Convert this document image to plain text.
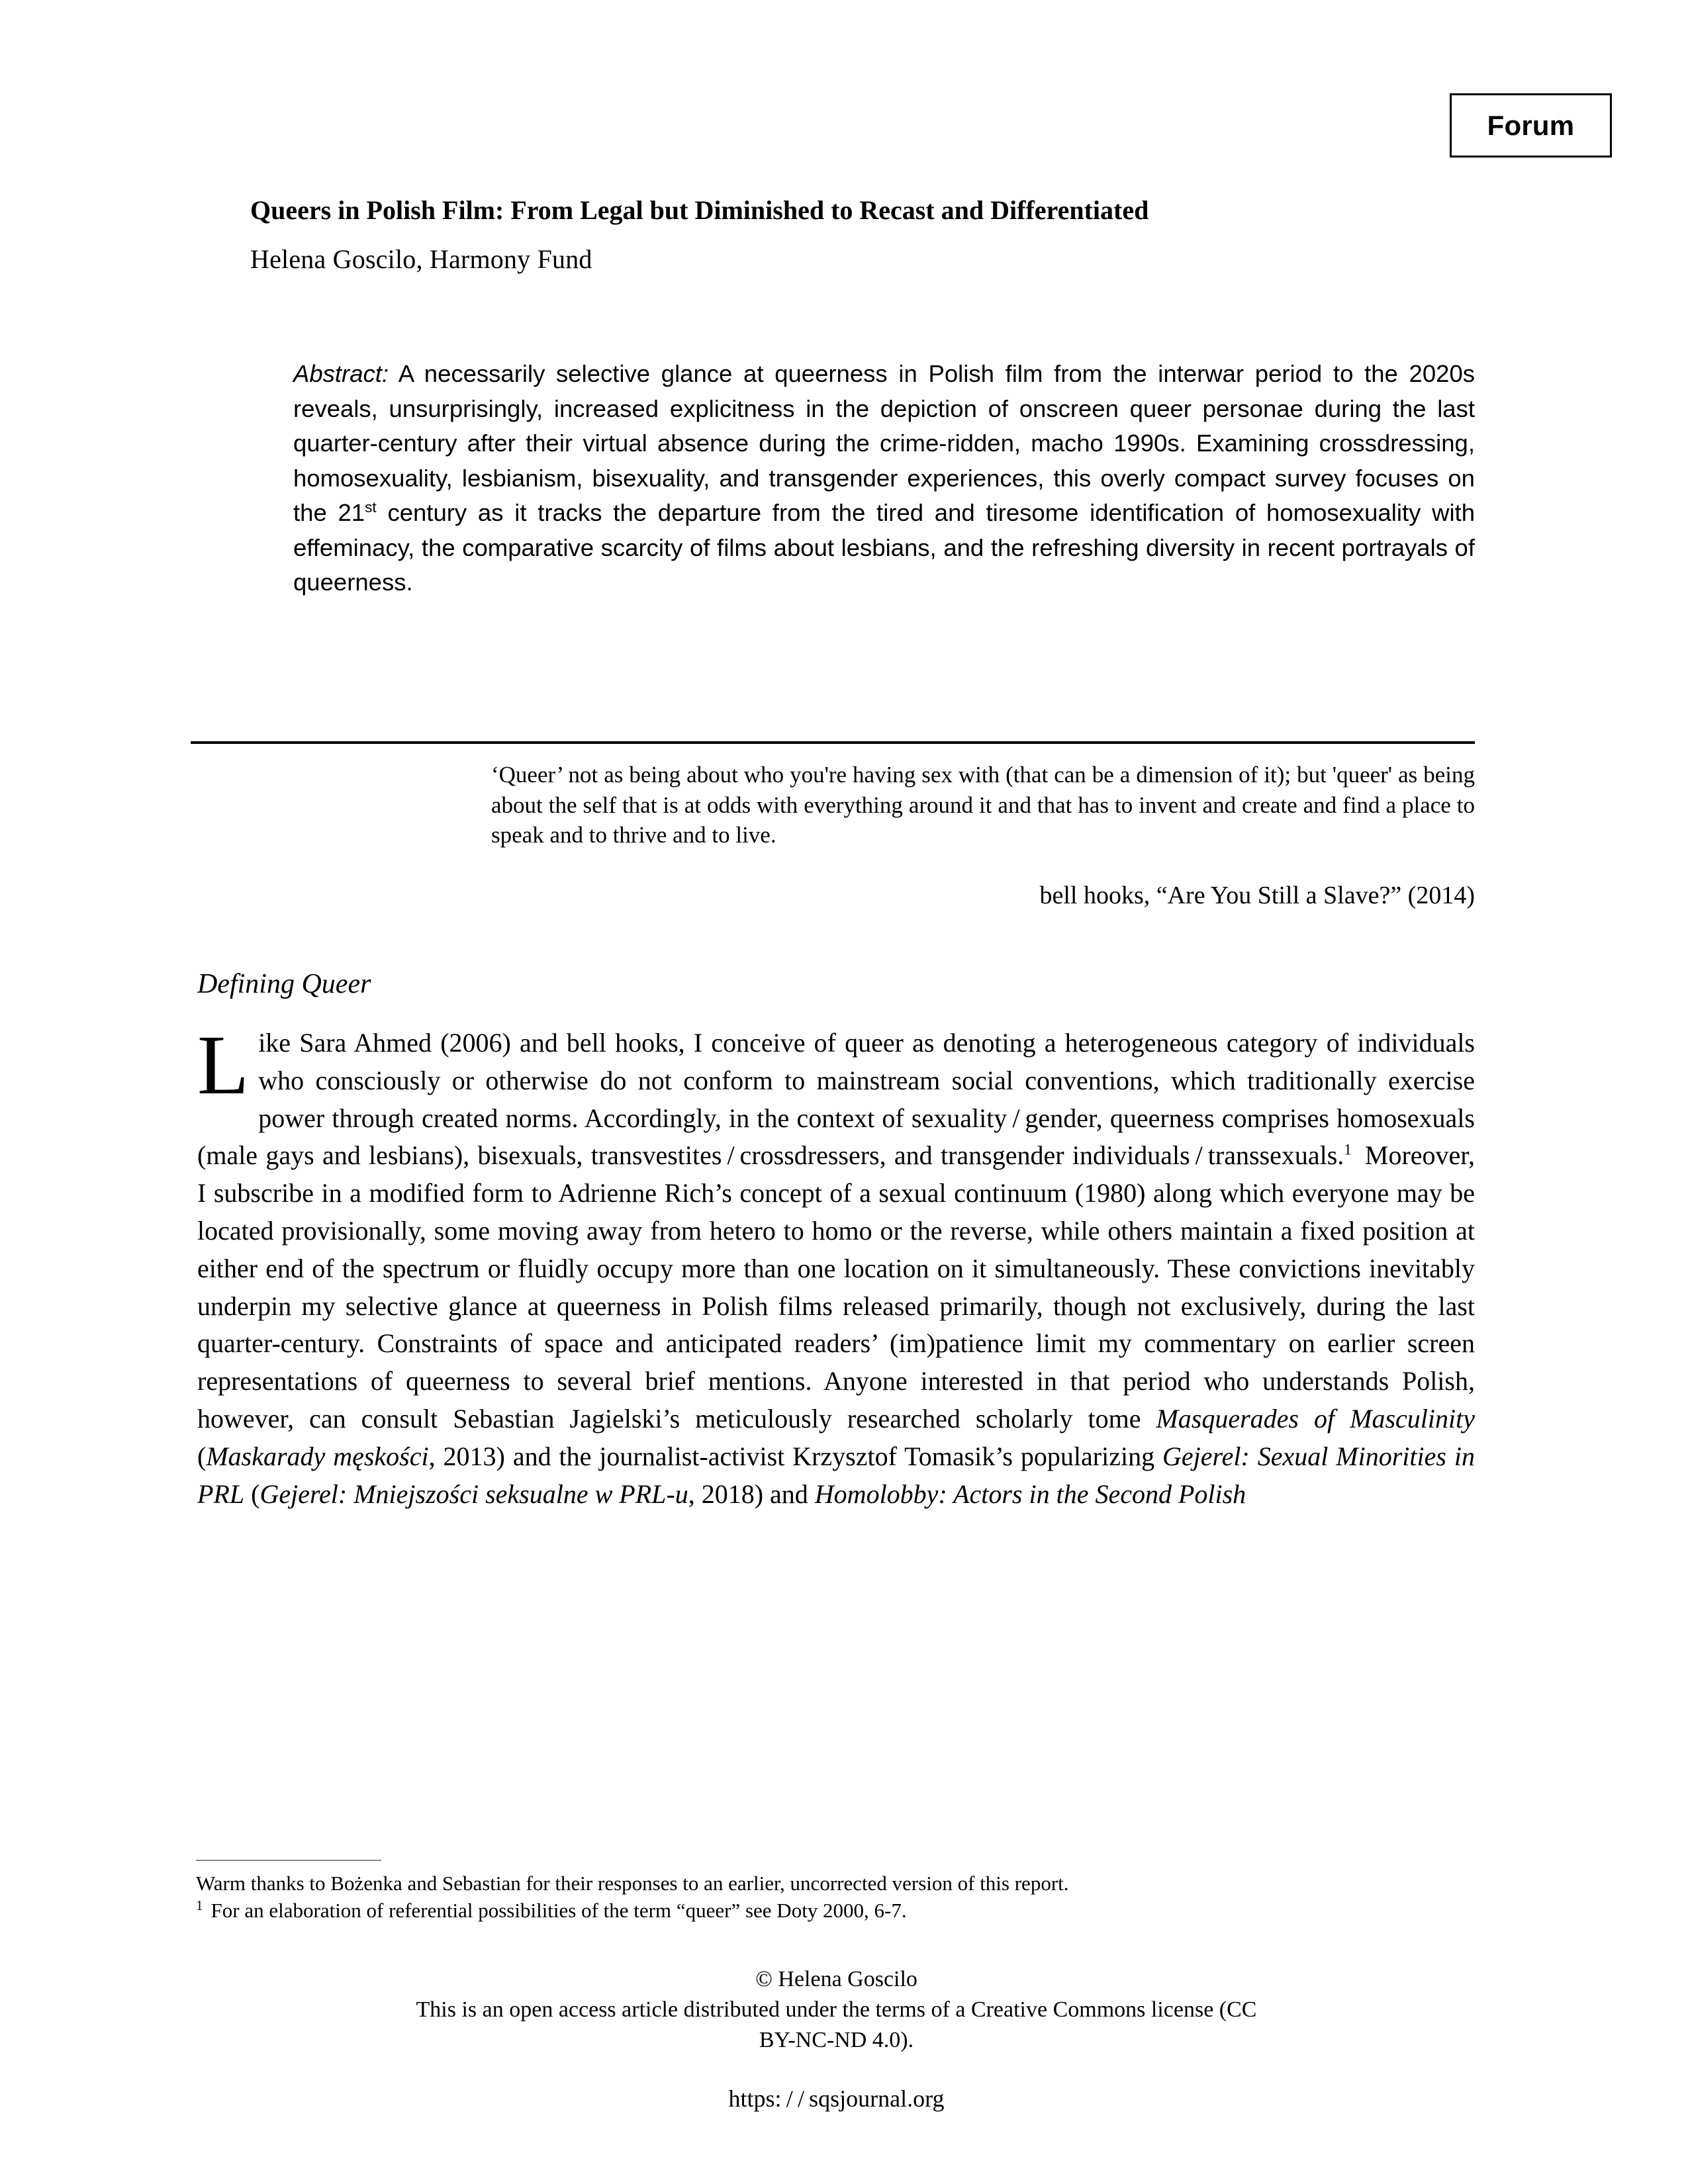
Forum
Queers in Polish Film: From Legal but Diminished to Recast and Differentiated

Helena Goscilo, Harmony Fund

Abstract: A necessarily selective glance at queerness in Polish film from the interwar period to the 2020s reveals, unsurprisingly, increased explicitness in the depiction of onscreen queer personae during the last quarter-century after their virtual absence during the crime-ridden, macho 1990s. Examining crossdressing, homosexuality, lesbianism, bisexuality, and transgender experiences, this overly compact survey focuses on the 21st century as it tracks the departure from the tired and tiresome identification of homosexuality with effeminacy, the comparative scarcity of films about lesbians, and the refreshing diversity in recent portrayals of queerness.

‘Queer’ not as being about who you're having sex with (that can be a dimension of it); but 'queer' as being about the self that is at odds with everything around it and that has to invent and create and find a place to speak and to thrive and to live.

bell hooks, “Are You Still a Slave?” (2014)

Defining Queer
Like Sara Ahmed (2006) and bell hooks, I conceive of queer as denoting a heterogeneous category of individuals who consciously or otherwise do not conform to mainstream social conventions, which traditionally exercise power through created norms. Accordingly, in the context of sexuality / gender, queerness comprises homosexuals (male gays and lesbians), bisexuals, transvestites / crossdressers, and transgender individuals / transsexuals.$^1$ Moreover, I subscribe in a modified form to Adrienne Rich’s concept of a sexual continuum (1980) along which everyone may be located provisionally, some moving away from hetero to homo or the reverse, while others maintain a fixed position at either end of the spectrum or fluidly occupy more than one location on it simultaneously. These convictions inevitably underpin my selective glance at queerness in Polish films released primarily, though not exclusively, during the last quarter-century. Constraints of space and anticipated readers’ (im)patience limit my commentary on earlier screen representations of queerness to several brief mentions. Anyone interested in that period who understands Polish, however, can consult Sebastian Jagielski’s meticulously researched scholarly tome Masquerades of Masculinity (Maskarady męskości, 2013) and the journalist-activist Krzysztof Tomasik’s popularizing Gejerel: Sexual Minorities in PRL (Gejerel: Mniejszości seksualne w PRL-u, 2018) and Homolobby: Actors in the Second Polish

Warm thanks to Bożenka and Sebastian for their responses to an earlier, uncorrected version of this report.

$^1$ For an elaboration of referential possibilities of the term “queer” see Doty 2000, 6-7.

© Helena Goscilo

This is an open access article distributed under the terms of a Creative Commons license (CC

BY-NC-ND 4.0).

https: / / sqsjournal.org
